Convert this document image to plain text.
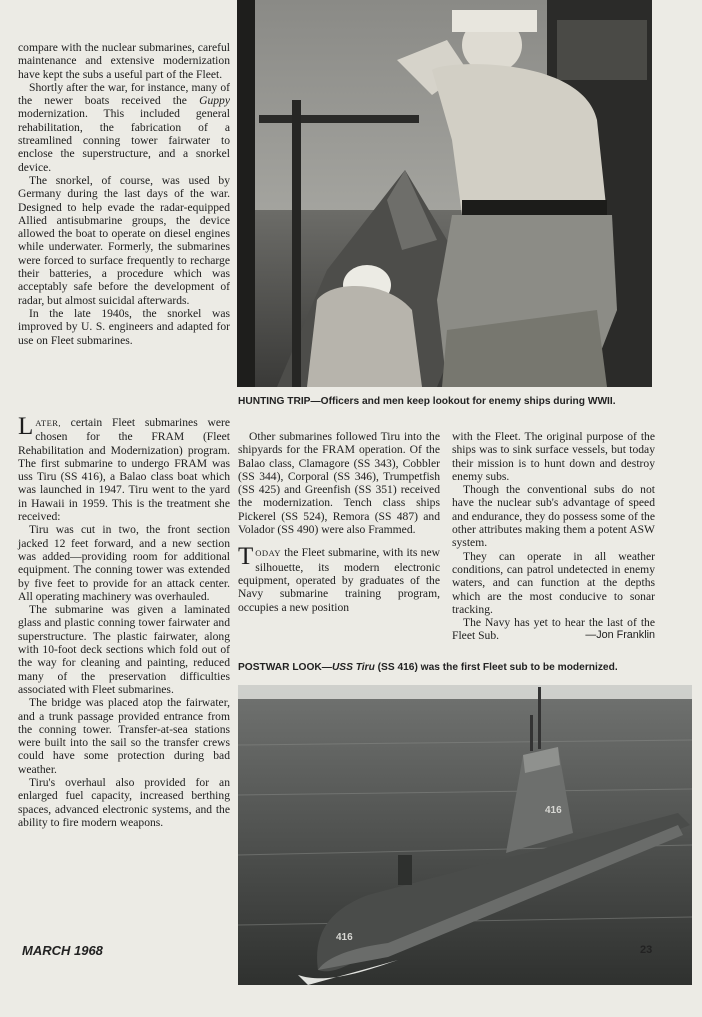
compare with the nuclear submarines, careful maintenance and extensive modernization have kept the subs a useful part of the Fleet.

Shortly after the war, for instance, many of the newer boats received the Guppy modernization. This included general rehabilitation, the fabrication of a streamlined conning tower fairwater to enclose the superstructure, and a snorkel device.

The snorkel, of course, was used by Germany during the last days of the war. Designed to help evade the radar-equipped Allied antisubmarine groups, the device allowed the boat to operate on diesel engines while underwater. Formerly, the submarines were forced to surface frequently to recharge their batteries, a procedure which was acceptably safe before the development of radar, but almost suicidal afterwards.

In the late 1940s, the snorkel was improved by U. S. engineers and adapted for use on Fleet submarines.

HUNTING TRIP—Officers and men keep lookout for enemy ships during WWII.

LATER, certain Fleet submarines were chosen for the FRAM (Fleet Rehabilitation and Modernization) program. The first submarine to undergo FRAM was uss Tiru (SS 416), a Balao class boat which was launched in 1947. Tiru went to the yard in Hawaii in 1959. This is the treatment she received:

Tiru was cut in two, the front section jacked 12 feet forward, and a new section was added—providing room for additional equipment. The conning tower was extended by five feet to provide for an attack center. All operating machinery was overhauled.

The submarine was given a laminated glass and plastic conning tower fairwater and superstructure. The plastic fairwater, along with 10-foot deck sections which fold out of the way for cleaning and painting, reduced many of the preservation difficulties associated with Fleet submarines.

The bridge was placed atop the fairwater, and a trunk passage provided entrance from the conning tower. Transfer-at-sea stations were built into the sail so the transfer crews could have some protection during bad weather.

Tiru's overhaul also provided for an enlarged fuel capacity, increased berthing spaces, advanced electronic systems, and the ability to fire modern weapons.

Other submarines followed Tiru into the shipyards for the FRAM operation. Of the Balao class, Clamagore (SS 343), Cobbler (SS 344), Corporal (SS 346), Trumpetfish (SS 425) and Greenfish (SS 351) received the modernization. Tench class ships Pickerel (SS 524), Remora (SS 487) and Volador (SS 490) were also Frammed.

TODAY the Fleet submarine, with its new silhouette, its modern electronic equipment, operated by graduates of the Navy submarine training program, occupies a new position

with the Fleet. The original purpose of the ships was to sink surface vessels, but today their mission is to hunt down and destroy enemy subs.

Though the conventional subs do not have the nuclear sub's advantage of speed and endurance, they do possess some of the other attributes making them a potent ASW system.

They can operate in all weather conditions, can patrol undetected in enemy waters, and can function at the depths which are the most conducive to sonar tracking.

The Navy has yet to hear the last of the Fleet Sub.	—Jon Franklin

POSTWAR LOOK—USS Tiru (SS 416) was the first Fleet sub to be modernized.
416
416
MARCH 1968	23
